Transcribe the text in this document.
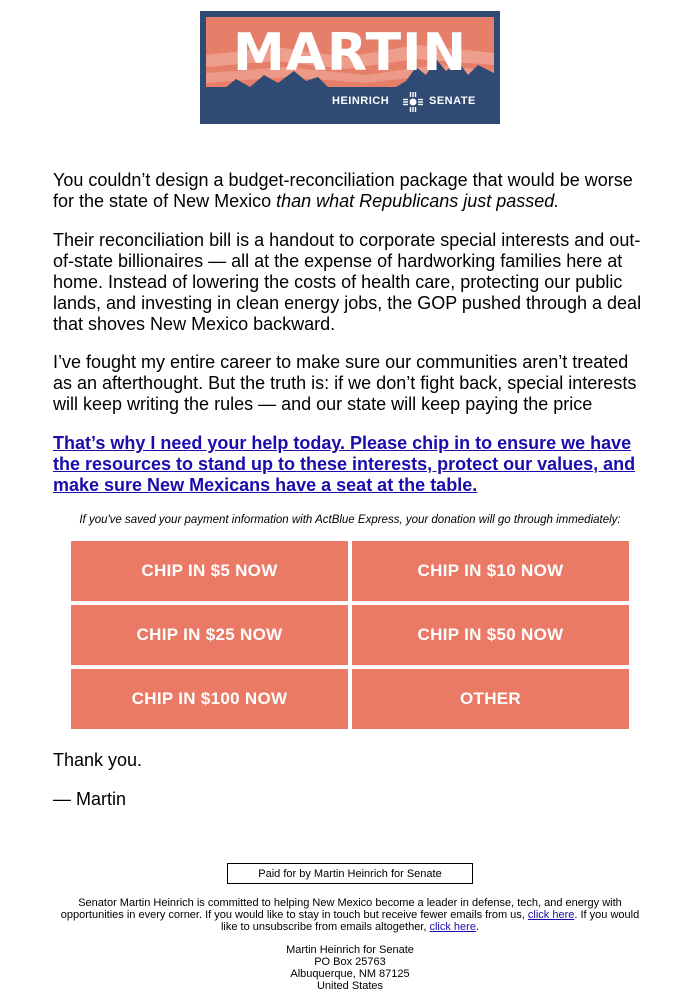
MARTIN
HEINRICH	SENATE

You couldn’t design a budget-reconciliation package that would be worse for the state of New Mexico than what Republicans just passed.

Their reconciliation bill is a handout to corporate special interests and out-of-state billionaires — all at the expense of hardworking families here at home. Instead of lowering the costs of health care, protecting our public lands, and investing in clean energy jobs, the GOP pushed through a deal that shoves New Mexico backward.

I’ve fought my entire career to make sure our communities aren’t treated as an afterthought. But the truth is: if we don’t fight back, special interests will keep writing the rules — and our state will keep paying the price

That’s why I need your help today. Please chip in to ensure we have the resources to stand up to these interests, protect our values, and make sure New Mexicans have a seat at the table.
If you've saved your payment information with ActBlue Express, your donation will go through immediately:
CHIP IN $5 NOW	CHIP IN $10 NOW
CHIP IN $25 NOW	CHIP IN $50 NOW
CHIP IN $100 NOW	OTHER
Thank you.
— Martin
Paid for by Martin Heinrich for Senate
Senator Martin Heinrich is committed to helping New Mexico become a leader in defense, tech, and energy with opportunities in every corner. If you would like to stay in touch but receive fewer emails from us, click here. If you would like to unsubscribe from emails altogether, click here.
Martin Heinrich for Senate
PO Box 25763
Albuquerque, NM 87125
United States
